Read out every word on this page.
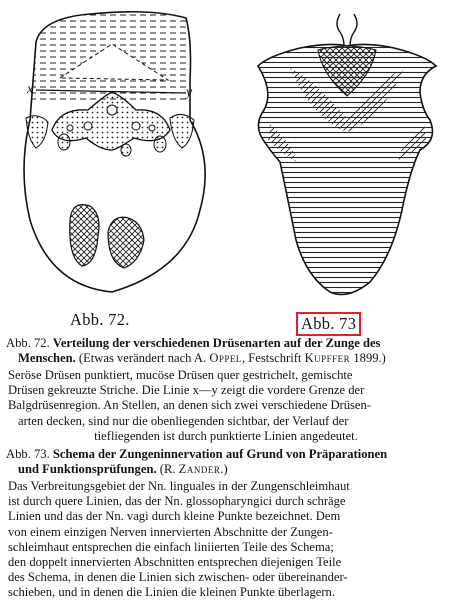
x	y
Abb. 72.	Abb. 73

Abb. 72. Verteilung der verschiedenen Drüsenarten auf der Zunge des

Menschen. (Etwas verändert nach A. Oppel, Festschrift Kupffer 1899.)

Seröse Drüsen punktiert, mucöse Drüsen quer gestrichelt, gemischte

Drüsen gekreuzte Striche. Die Linie x—y zeigt die vordere Grenze der

Balgdrüsenregion. An Stellen, an denen sich zwei verschiedene Drüsen-

arten decken, sind nur die obenliegenden sichtbar, der Verlauf der

tiefliegenden ist durch punktierte Linien angedeutet.

Abb. 73. Schema der Zungeninnervation auf Grund von Präparationen

und Funktionsprüfungen. (R. Zander.)

Das Verbreitungsgebiet der Nn. linguales in der Zungenschleimhaut

ist durch quere Linien, das der Nn. glossopharyngici durch schräge

Linien und das der Nn. vagi durch kleine Punkte bezeichnet. Dem

von einem einzigen Nerven innervierten Abschnitte der Zungen-

schleimhaut entsprechen die einfach liniierten Teile des Schema;

den doppelt innervierten Abschnitten entsprechen diejenigen Teile

des Schema, in denen die Linien sich zwischen- oder übereinander-

schieben, und in denen die Linien die kleinen Punkte überlagern.
